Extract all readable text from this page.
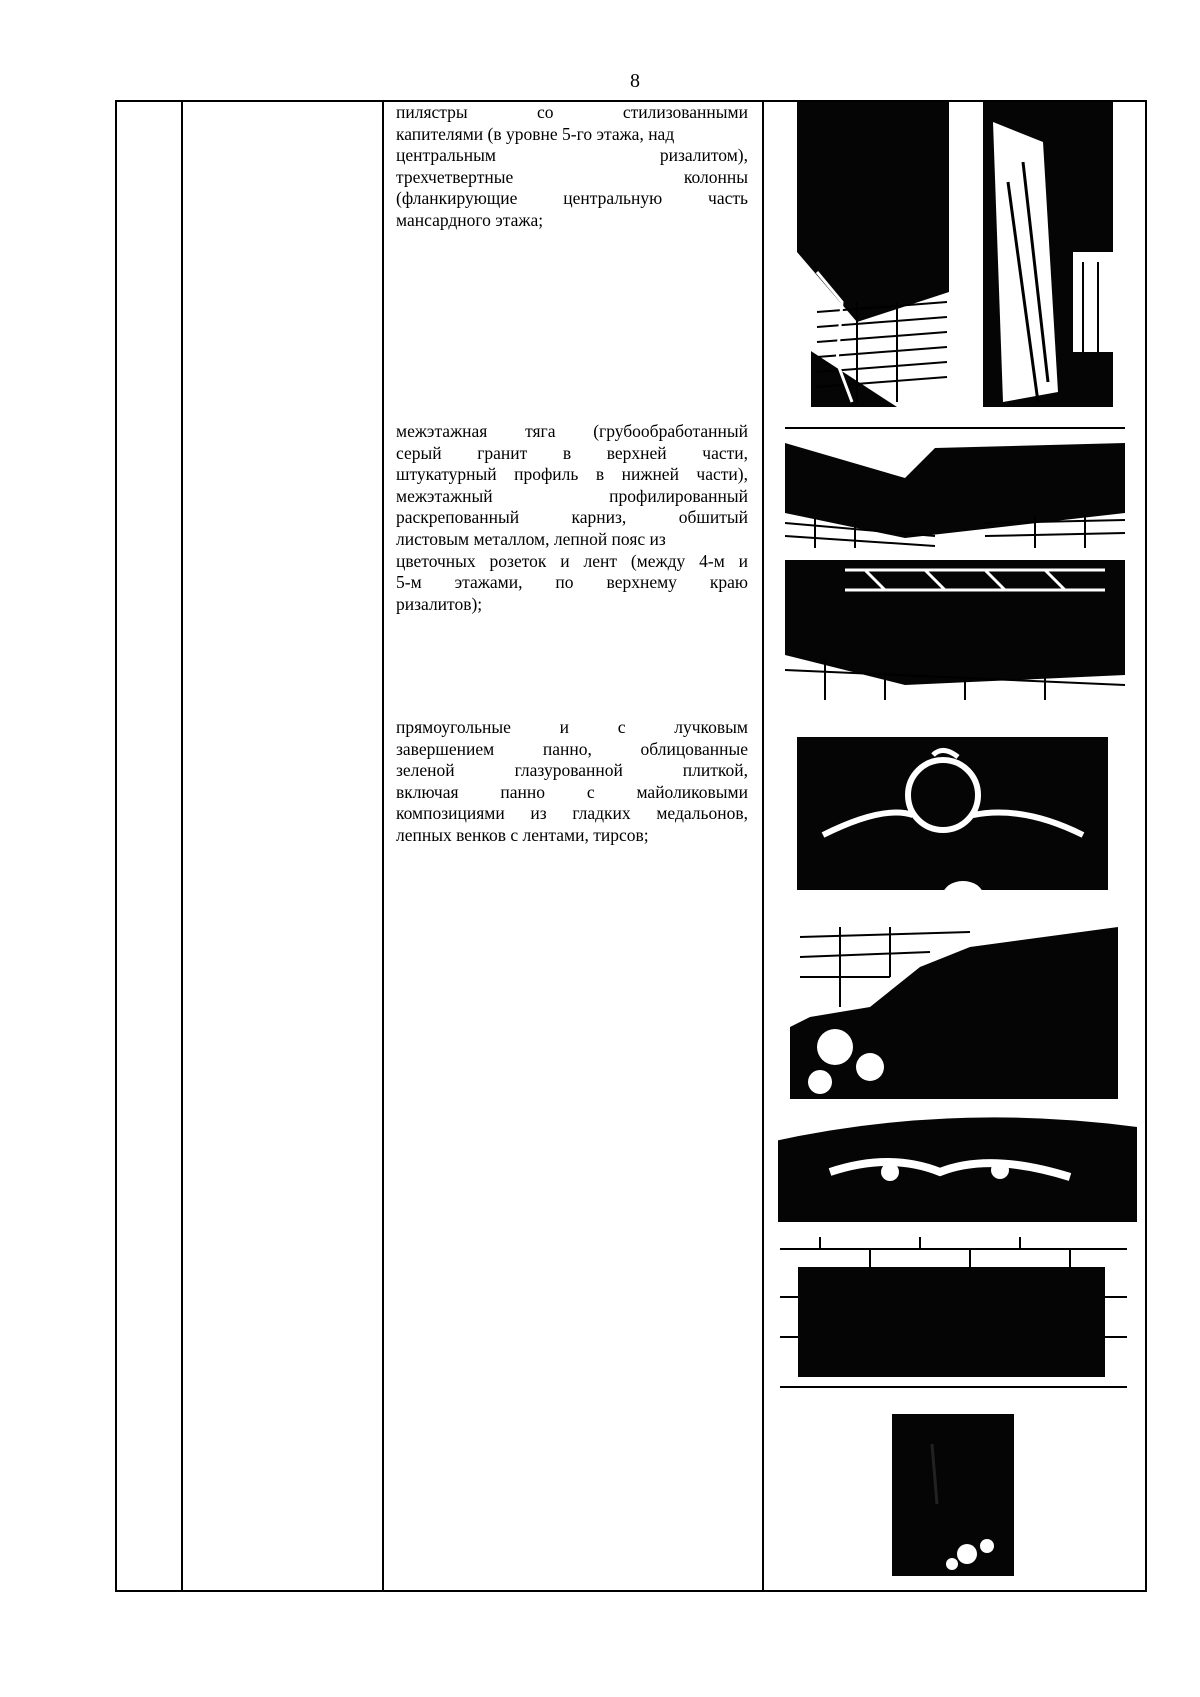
8
пилястры со стилизованными
капителями (в уровне 5-го этажа, над
центральным ризалитом),
трехчетвертные колонны
(фланкирующие центральную часть
мансардного этажа;
межэтажная тяга (грубообработанный
серый гранит в верхней части,
штукатурный профиль в нижней части),
межэтажный профилированный
раскрепованный карниз, обшитый
листовым металлом, лепной пояс из
цветочных розеток и лент (между 4-м и
5-м этажами, по верхнему краю
ризалитов);
прямоугольные и с лучковым
завершением панно, облицованные
зеленой глазурованной плиткой,
включая панно с майоликовыми
композициями из гладких медальонов,
лепных венков с лентами, тирсов;
